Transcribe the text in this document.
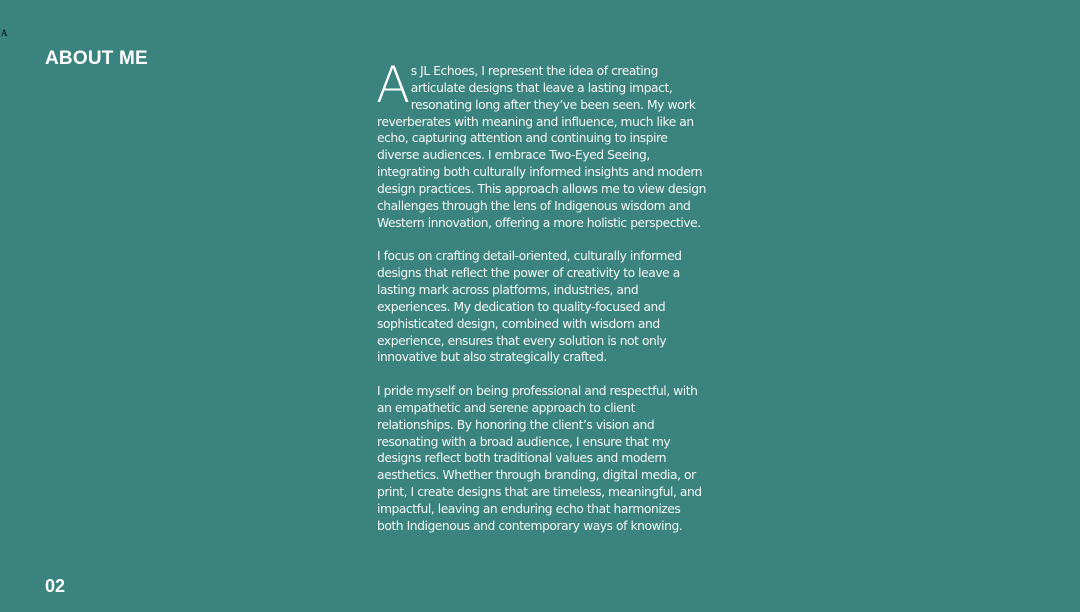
A
ABOUT ME	As JL Echoes, I represent the idea of creating articulate designs that leave a lasting impact, resonating long after they’ve been seen. My work reverberates with meaning and influence, much like an echo, capturing attention and continuing to inspire diverse audiences. I embrace Two-Eyed Seeing, integrating both culturally informed insights and modern design practices. This approach allows me to view design challenges through the lens of Indigenous wisdom and Western innovation, offering a more holistic perspective.

I focus on crafting detail-oriented, culturally informed designs that reflect the power of creativity to leave a lasting mark across platforms, industries, and experiences. My dedication to quality-focused and sophisticated design, combined with wisdom and experience, ensures that every solution is not only innovative but also strategically crafted.

I pride myself on being professional and respectful, with an empathetic and serene approach to client relationships. By honoring the client’s vision and resonating with a broad audience, I ensure that my designs reflect both traditional values and modern aesthetics. Whether through branding, digital media, or print, I create designs that are timeless, meaningful, and impactful, leaving an enduring echo that harmonizes both Indigenous and contemporary ways of knowing.

02
